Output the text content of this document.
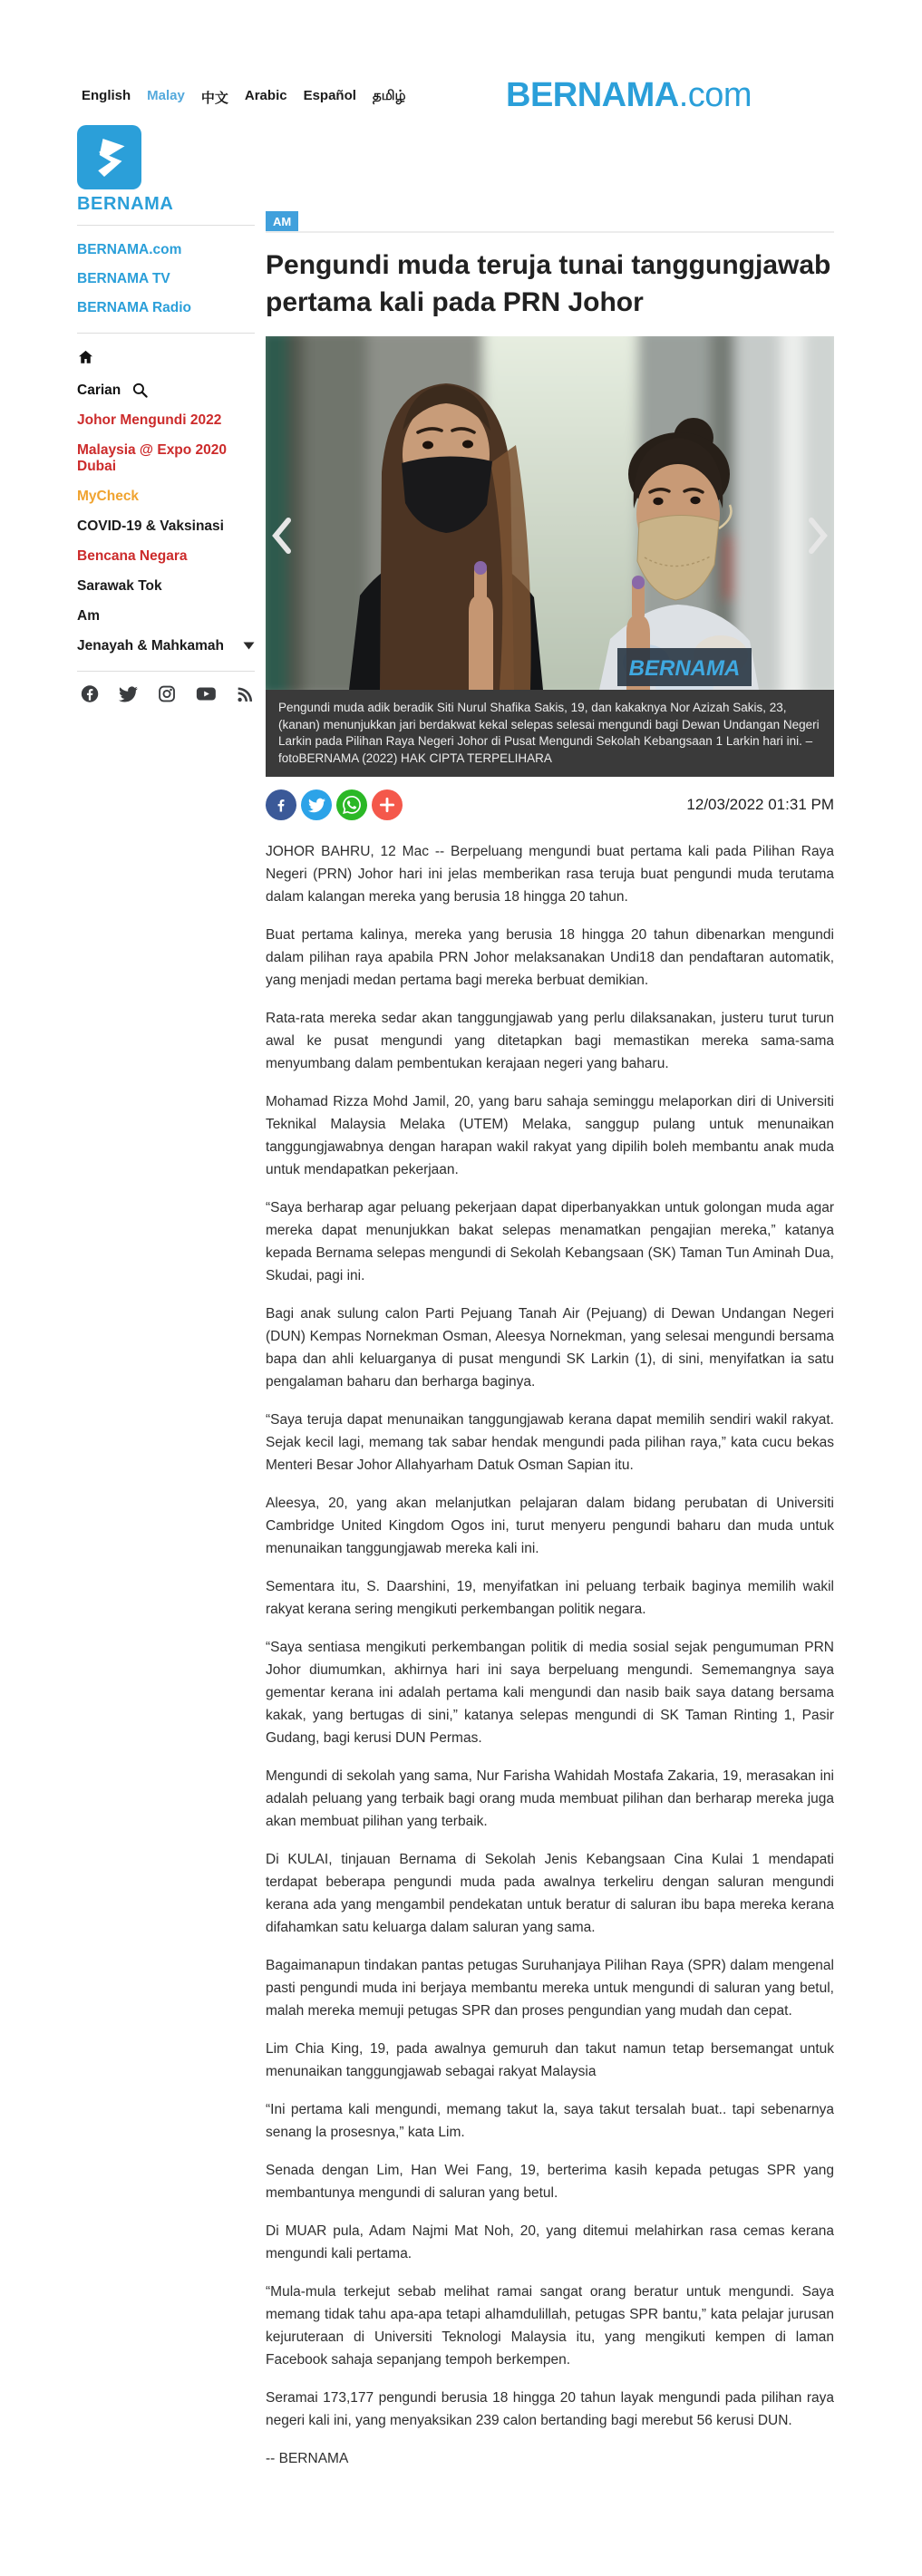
English Malay 中文 Arabic Español தமிழ்	BERNAMA.com
BERNAMA
BERNAMA.com
BERNAMA TV
BERNAMA Radio
Carian
Johor Mengundi 2022
Malaysia @ Expo 2020 Dubai
MyCheck
COVID-19 & Vaksinasi
Bencana Negara
Sarawak Tok
Am
Jenayah & Mahkamah
AM
Pengundi muda teruja tunai tanggungjawab pertama kali pada PRN Johor
BERNAMA
Pengundi muda adik beradik Siti Nurul Shafika Sakis, 19, dan kakaknya Nor Azizah Sakis, 23, (kanan) menunjukkan jari berdakwat kekal selepas selesai mengundi bagi Dewan Undangan Negeri Larkin pada Pilihan Raya Negeri Johor di Pusat Mengundi Sekolah Kebangsaan 1 Larkin hari ini. –fotoBERNAMA (2022) HAK CIPTA TERPELIHARA
12/03/2022 01:31 PM

JOHOR BAHRU, 12 Mac -- Berpeluang mengundi buat pertama kali pada Pilihan Raya Negeri (PRN) Johor hari ini jelas memberikan rasa teruja buat pengundi muda terutama dalam kalangan mereka yang berusia 18 hingga 20 tahun.

Buat pertama kalinya, mereka yang berusia 18 hingga 20 tahun dibenarkan mengundi dalam pilihan raya apabila PRN Johor melaksanakan Undi18 dan pendaftaran automatik, yang menjadi medan pertama bagi mereka berbuat demikian.

Rata-rata mereka sedar akan tanggungjawab yang perlu dilaksanakan, justeru turut turun awal ke pusat mengundi yang ditetapkan bagi memastikan mereka sama-sama menyumbang dalam pembentukan kerajaan negeri yang baharu.

Mohamad Rizza Mohd Jamil, 20, yang baru sahaja seminggu melaporkan diri di Universiti Teknikal Malaysia Melaka (UTEM) Melaka, sanggup pulang untuk menunaikan tanggungjawabnya dengan harapan wakil rakyat yang dipilih boleh membantu anak muda untuk mendapatkan pekerjaan.

“Saya berharap agar peluang pekerjaan dapat diperbanyakkan untuk golongan muda agar mereka dapat menunjukkan bakat selepas menamatkan pengajian mereka,” katanya kepada Bernama selepas mengundi di Sekolah Kebangsaan (SK) Taman Tun Aminah Dua, Skudai, pagi ini.

Bagi anak sulung calon Parti Pejuang Tanah Air (Pejuang) di Dewan Undangan Negeri (DUN) Kempas Nornekman Osman, Aleesya Nornekman, yang selesai mengundi bersama bapa dan ahli keluarganya di pusat mengundi SK Larkin (1), di sini, menyifatkan ia satu pengalaman baharu dan berharga baginya.

“Saya teruja dapat menunaikan tanggungjawab kerana dapat memilih sendiri wakil rakyat. Sejak kecil lagi, memang tak sabar hendak mengundi pada pilihan raya,” kata cucu bekas Menteri Besar Johor Allahyarham Datuk Osman Sapian itu.

Aleesya, 20, yang akan melanjutkan pelajaran dalam bidang perubatan di Universiti Cambridge United Kingdom Ogos ini, turut menyeru pengundi baharu dan muda untuk menunaikan tanggungjawab mereka kali ini.

Sementara itu, S. Daarshini, 19, menyifatkan ini peluang terbaik baginya memilih wakil rakyat kerana sering mengikuti perkembangan politik negara.

“Saya sentiasa mengikuti perkembangan politik di media sosial sejak pengumuman PRN Johor diumumkan, akhirnya hari ini saya berpeluang mengundi. Sememangnya saya gementar kerana ini adalah pertama kali mengundi dan nasib baik saya datang bersama kakak, yang bertugas di sini,” katanya selepas mengundi di SK Taman Rinting 1, Pasir Gudang, bagi kerusi DUN Permas.

Mengundi di sekolah yang sama, Nur Farisha Wahidah Mostafa Zakaria, 19, merasakan ini adalah peluang yang terbaik bagi orang muda membuat pilihan dan berharap mereka juga akan membuat pilihan yang terbaik.

Di KULAI, tinjauan Bernama di Sekolah Jenis Kebangsaan Cina Kulai 1 mendapati terdapat beberapa pengundi muda pada awalnya terkeliru dengan saluran mengundi kerana ada yang mengambil pendekatan untuk beratur di saluran ibu bapa mereka kerana difahamkan satu keluarga dalam saluran yang sama.

Bagaimanapun tindakan pantas petugas Suruhanjaya Pilihan Raya (SPR) dalam mengenal pasti pengundi muda ini berjaya membantu mereka untuk mengundi di saluran yang betul, malah mereka memuji petugas SPR dan proses pengundian yang mudah dan cepat.

Lim Chia King, 19, pada awalnya gemuruh dan takut namun tetap bersemangat untuk menunaikan tanggungjawab sebagai rakyat Malaysia

“Ini pertama kali mengundi, memang takut la, saya takut tersalah buat.. tapi sebenarnya senang la prosesnya,” kata Lim.

Senada dengan Lim, Han Wei Fang, 19, berterima kasih kepada petugas SPR yang membantunya mengundi di saluran yang betul.

Di MUAR pula, Adam Najmi Mat Noh, 20, yang ditemui melahirkan rasa cemas kerana mengundi kali pertama.

“Mula-mula terkejut sebab melihat ramai sangat orang beratur untuk mengundi. Saya memang tidak tahu apa-apa tetapi alhamdulillah, petugas SPR bantu,” kata pelajar jurusan kejuruteraan di Universiti Teknologi Malaysia itu, yang mengikuti kempen di laman Facebook sahaja sepanjang tempoh berkempen.

Seramai 173,177 pengundi berusia 18 hingga 20 tahun layak mengundi pada pilihan raya negeri kali ini, yang menyaksikan 239 calon bertanding bagi merebut 56 kerusi DUN.

-- BERNAMA
